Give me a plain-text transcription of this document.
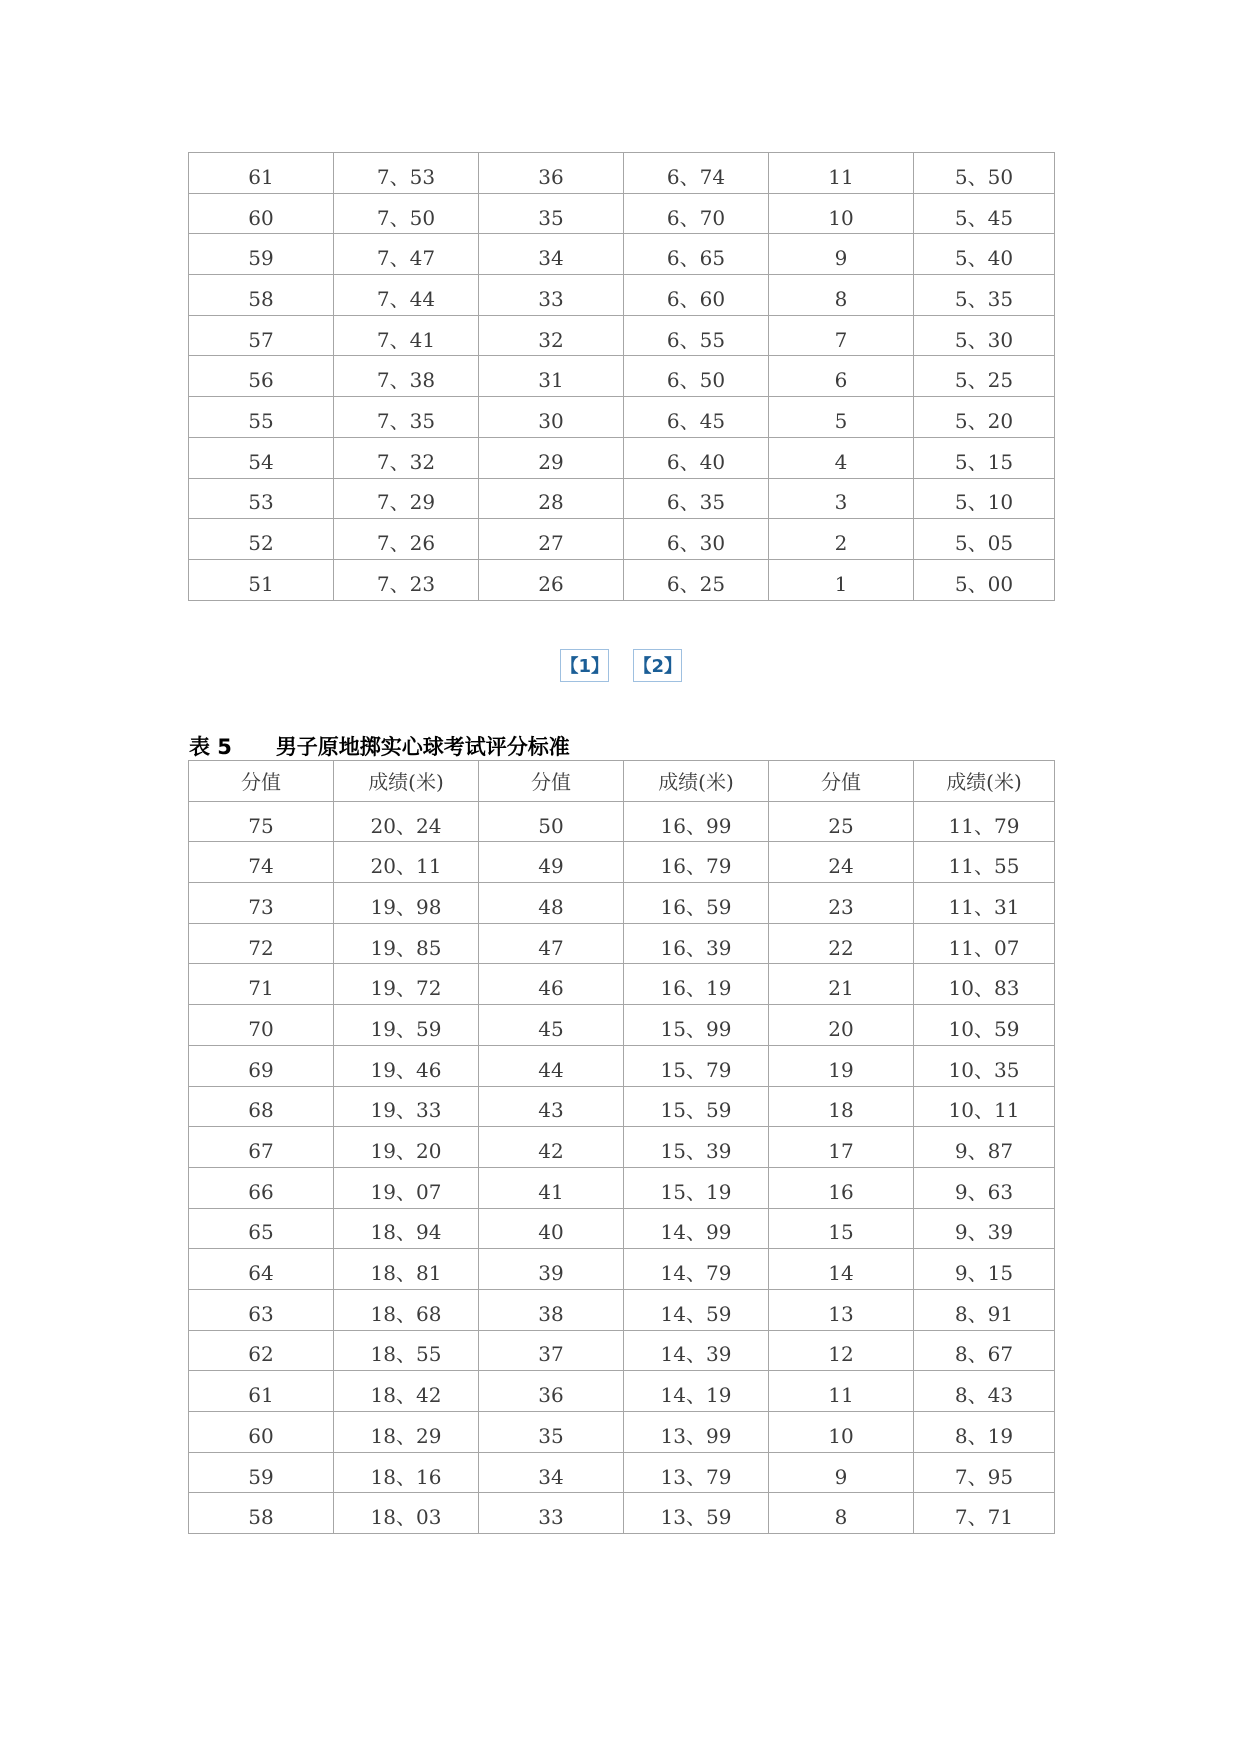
61	7、53	36	6、74	11	5、50
60	7、50	35	6、70	10	5、45
59	7、47	34	6、65	9	5、40
58	7、44	33	6、60	8	5、35
57	7、41	32	6、55	7	5、30
56	7、38	31	6、50	6	5、25
55	7、35	30	6、45	5	5、20
54	7、32	29	6、40	4	5、15
53	7、29	28	6、35	3	5、10
52	7、26	27	6、30	2	5、05
51	7、23	26	6、25	1	5、00
【1】 【2】
表 5 男子原地掷实心球考试评分标准
分值	成绩(米)	分值	成绩(米)	分值	成绩(米)
75	20、24	50	16、99	25	11、79
74	20、11	49	16、79	24	11、55
73	19、98	48	16、59	23	11、31
72	19、85	47	16、39	22	11、07
71	19、72	46	16、19	21	10、83
70	19、59	45	15、99	20	10、59
69	19、46	44	15、79	19	10、35
68	19、33	43	15、59	18	10、11
67	19、20	42	15、39	17	9、87
66	19、07	41	15、19	16	9、63
65	18、94	40	14、99	15	9、39
64	18、81	39	14、79	14	9、15
63	18、68	38	14、59	13	8、91
62	18、55	37	14、39	12	8、67
61	18、42	36	14、19	11	8、43
60	18、29	35	13、99	10	8、19
59	18、16	34	13、79	9	7、95
58	18、03	33	13、59	8	7、71
